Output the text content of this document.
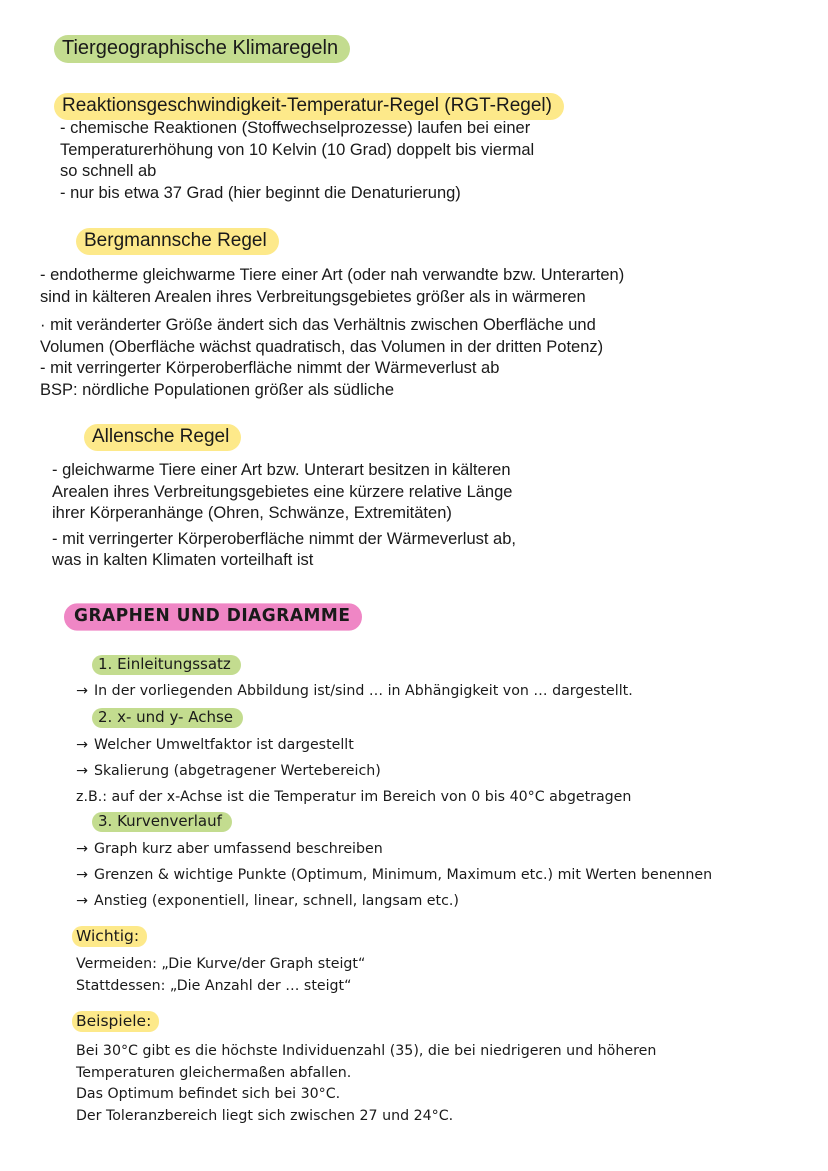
Tiergeographische Klimaregeln
Reaktionsgeschwindigkeit-Temperatur-Regel (RGT-Regel)
- chemische Reaktionen (Stoffwechselprozesse) laufen bei einer
Temperaturerhöhung von 10 Kelvin (10 Grad) doppelt bis viermal
so schnell ab
- nur bis etwa 37 Grad (hier beginnt die Denaturierung)
Bergmannsche Regel
- endotherme gleichwarme Tiere einer Art (oder nah verwandte bzw. Unterarten)
sind in kälteren Arealen ihres Verbreitungsgebietes größer als in wärmeren
· mit veränderter Größe ändert sich das Verhältnis zwischen Oberfläche und
Volumen (Oberfläche wächst quadratisch, das Volumen in der dritten Potenz)
- mit verringerter Körperoberfläche nimmt der Wärmeverlust ab
BSP: nördliche Populationen größer als südliche
Allensche Regel
- gleichwarme Tiere einer Art bzw. Unterart besitzen in kälteren
Arealen ihres Verbreitungsgebietes eine kürzere relative Länge
ihrer Körperanhänge (Ohren, Schwänze, Extremitäten)
- mit verringerter Körperoberfläche nimmt der Wärmeverlust ab,
was in kalten Klimaten vorteilhaft ist
GRAPHEN UND DIAGRAMME
1. Einleitungssatz
→ In der vorliegenden Abbildung ist/sind … in Abhängigkeit von … dargestellt.
2. x- und y- Achse
→ Welcher Umweltfaktor ist dargestellt
→ Skalierung (abgetragener Wertebereich)
z.B.: auf der x-Achse ist die Temperatur im Bereich von 0 bis 40°C abgetragen
3. Kurvenverlauf
→ Graph kurz aber umfassend beschreiben
→ Grenzen & wichtige Punkte (Optimum, Minimum, Maximum etc.) mit Werten benennen
→ Anstieg (exponentiell, linear, schnell, langsam etc.)
Wichtig:
Vermeiden: „Die Kurve/der Graph steigt“
Stattdessen: „Die Anzahl der … steigt“
Beispiele:
Bei 30°C gibt es die höchste Individuenzahl (35), die bei niedrigeren und höheren
Temperaturen gleichermaßen abfallen.
Das Optimum befindet sich bei 30°C.
Der Toleranzbereich liegt sich zwischen 27 und 24°C.
